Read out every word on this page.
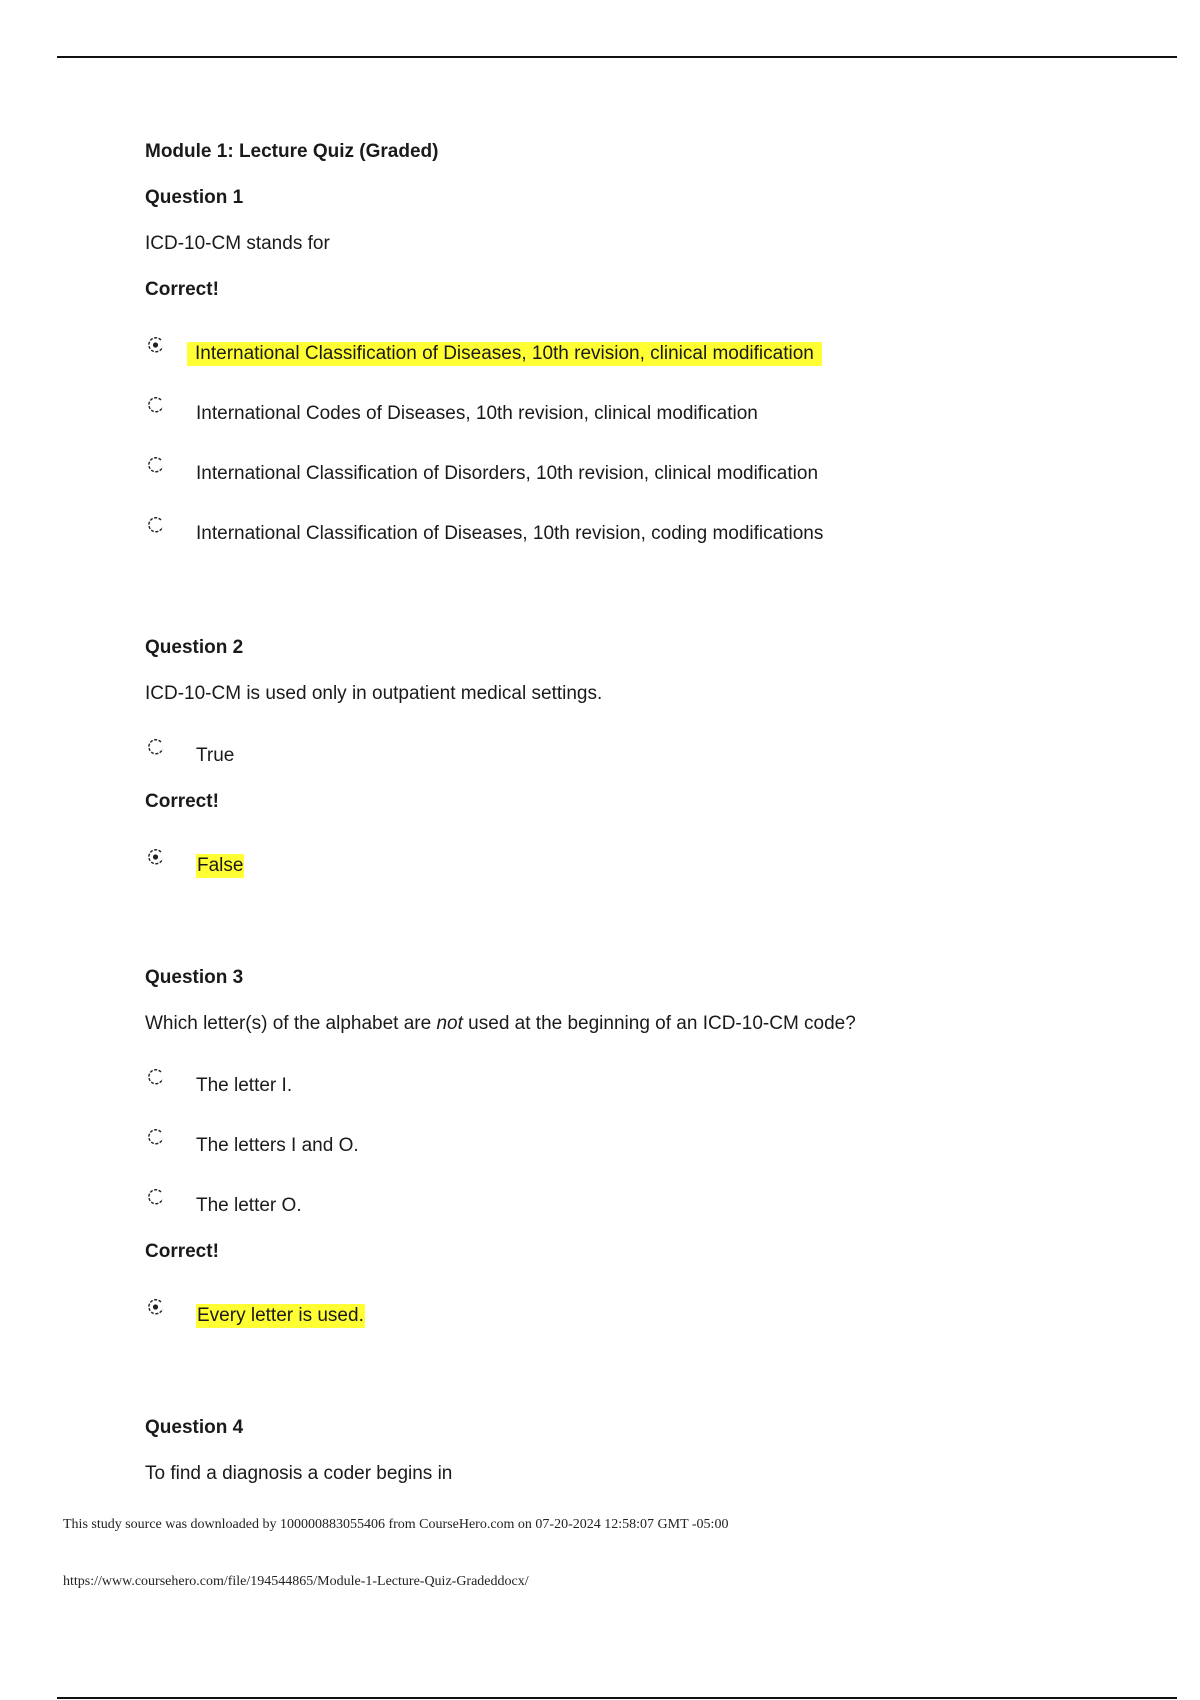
Module 1: Lecture Quiz (Graded)
Question 1
ICD-10-CM stands for
Correct!
International Classification of Diseases, 10th revision, clinical modification
International Codes of Diseases, 10th revision, clinical modification
International Classification of Disorders, 10th revision, clinical modification
International Classification of Diseases, 10th revision, coding modifications
Question 2
ICD-10-CM is used only in outpatient medical settings.
True
Correct!
False
Question 3
Which letter(s) of the alphabet are not used at the beginning of an ICD-10-CM code?
The letter I.
The letters I and O.
The letter O.
Correct!
Every letter is used.
Question 4
To find a diagnosis a coder begins in
This study source was downloaded by 100000883055406 from CourseHero.com on 07-20-2024 12:58:07 GMT -05:00
https://www.coursehero.com/file/194544865/Module-1-Lecture-Quiz-Gradeddocx/
